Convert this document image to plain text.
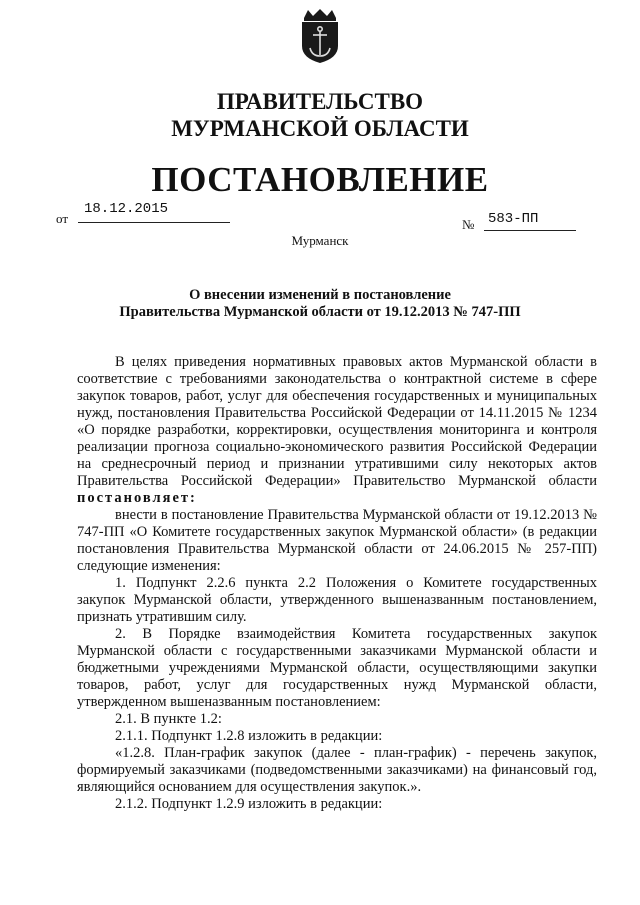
ПРАВИТЕЛЬСТВО
МУРМАНСКОЙ ОБЛАСТИ
ПОСТАНОВЛЕНИЕ
от
18.12.2015
№ 583-ПП
Мурманск
О внесении изменений в постановление
Правительства Мурманской области от 19.12.2013 № 747-ПП

В целях приведения нормативных правовых актов Мурманской области в соответствие с требованиями законодательства о контрактной системе в сфере закупок товаров, работ, услуг для обеспечения государственных и муниципальных нужд, постановления Правительства Российской Федерации от 14.11.2015 № 1234 «О порядке разработки, корректировки, осуществления мониторинга и контроля реализации прогноза социально-экономического развития Российской Федерации на среднесрочный период и признании утратившими силу некоторых актов Правительства Российской Федерации» Правительство Мурманской области постановляет:

внести в постановление Правительства Мурманской области от 19.12.2013 № 747-ПП «О Комитете государственных закупок Мурманской области» (в редакции постановления Правительства Мурманской области от 24.06.2015 № 257-ПП) следующие изменения:

1. Подпункт 2.2.6 пункта 2.2 Положения о Комитете государственных закупок Мурманской области, утвержденного вышеназванным постановлением, признать утратившим силу.

2. В Порядке взаимодействия Комитета государственных закупок Мурманской области с государственными заказчиками Мурманской области и бюджетными учреждениями Мурманской области, осуществляющими закупки товаров, работ, услуг для государственных нужд Мурманской области, утвержденном вышеназванным постановлением:

2.1. В пункте 1.2:

2.1.1. Подпункт 1.2.8 изложить в редакции:

«1.2.8. План-график закупок (далее - план-график) - перечень закупок, формируемый заказчиками (подведомственными заказчиками) на финансовый год, являющийся основанием для осуществления закупок.».

2.1.2. Подпункт 1.2.9 изложить в редакции:
